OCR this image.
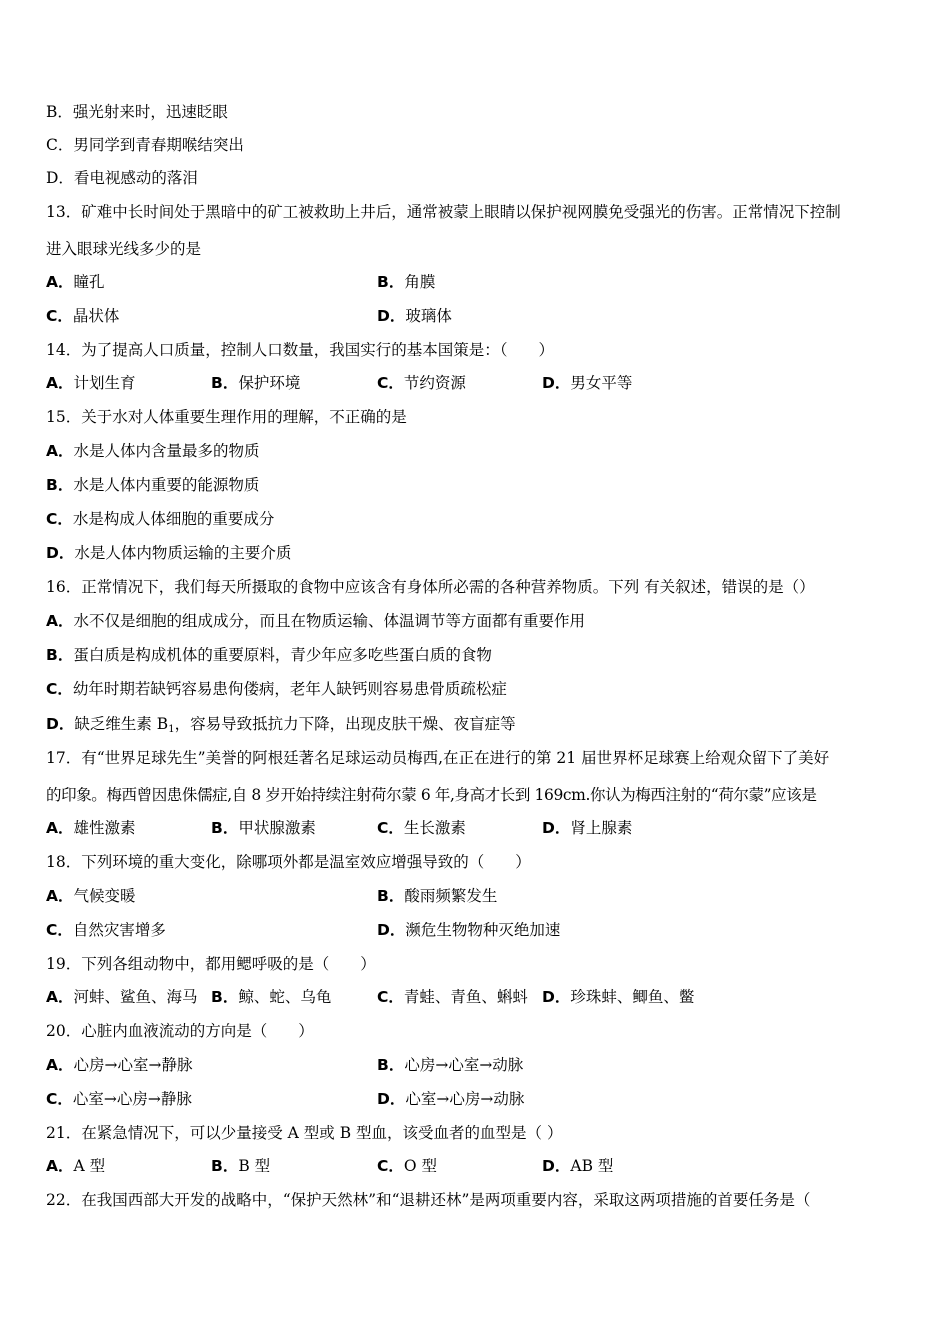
B．强光射来时，迅速眨眼
C．男同学到青春期喉结突出
D．看电视感动的落泪
13．矿难中长时间处于黑暗中的矿工被救助上井后，通常被蒙上眼睛以保护视网膜免受强光的伤害。正常情况下控制
进入眼球光线多少的是
A．瞳孔	B．角膜
C．晶状体	D．玻璃体
14．为了提高人口质量，控制人口数量，我国实行的基本国策是：（　　）
A．计划生育	B．保护环境	C．节约资源	D．男女平等
15．关于水对人体重要生理作用的理解，不正确的是
A．水是人体内含量最多的物质
B．水是人体内重要的能源物质
C．水是构成人体细胞的重要成分
D．水是人体内物质运输的主要介质
16．正常情况下，我们每天所摄取的食物中应该含有身体所必需的各种营养物质。下列 有关叙述，错误的是（）
A．水不仅是细胞的组成成分，而且在物质运输、体温调节等方面都有重要作用
B．蛋白质是构成机体的重要原料，青少年应多吃些蛋白质的食物
C．幼年时期若缺钙容易患佝偻病，老年人缺钙则容易患骨质疏松症
D．缺乏维生素 $B_1$，容易导致抵抗力下降，出现皮肤干燥、夜盲症等
17．有“世界足球先生”美誉的阿根廷著名足球运动员梅西,在正在进行的第 21 届世界杯足球赛上给观众留下了美好
的印象。梅西曾因患侏儒症,自 8 岁开始持续注射荷尔蒙 6 年,身高才长到 169cm.你认为梅西注射的“荷尔蒙”应该是
A．雄性激素	B．甲状腺激素	C．生长激素	D．肾上腺素
18．下列环境的重大变化，除哪项外都是温室效应增强导致的（　　）
A．气候变暖	B．酸雨频繁发生
C．自然灾害增多	D．濒危生物物种灭绝加速
19．下列各组动物中，都用鳃呼吸的是（　　）
A．河蚌、鲨鱼、海马 B．鲸、蛇、乌龟	C．青蛙、青鱼、蝌蚪 D．珍珠蚌、鲫鱼、鳖
20．心脏内血液流动的方向是（　　）
A．心房→心室→静脉	B．心房→心室→动脉
C．心室→心房→静脉	D．心室→心房→动脉
21．在紧急情况下，可以少量接受 A 型或 B 型血，该受血者的血型是（ ）
A．A 型	B．B 型	C．O 型	D．AB 型
22．在我国西部大开发的战略中，“保护天然林”和“退耕还林”是两项重要内容，采取这两项措施的首要任务是（
